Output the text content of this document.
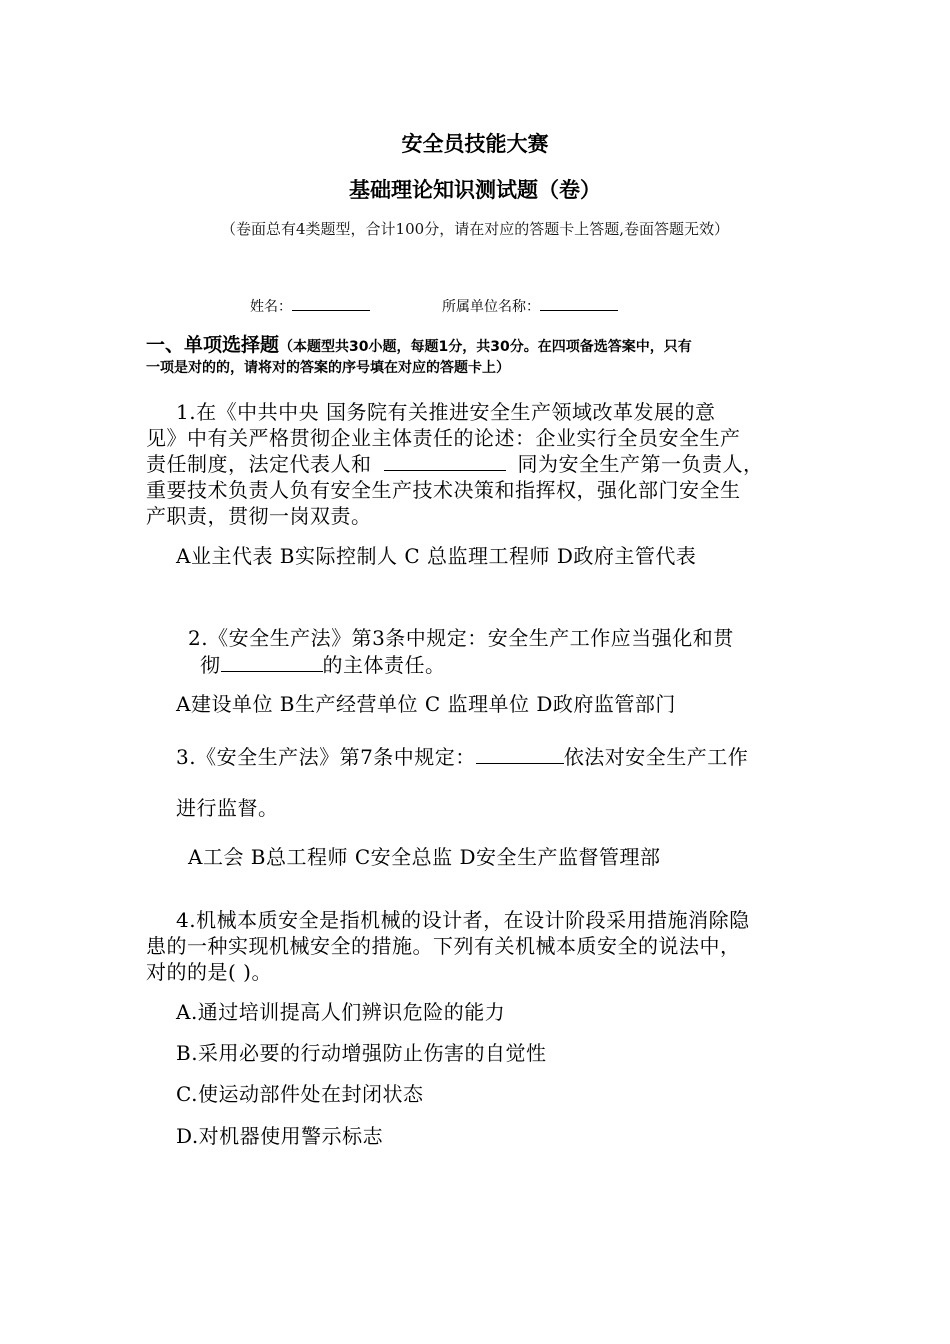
安全员技能大赛
基础理论知识测试题（卷）
（卷面总有4类题型，合计100分，请在对应的答题卡上答题,卷面答题无效）
姓名：	所属单位名称：
一、单项选择题（本题型共30小题，每题1分，共30分。在四项备选答案中，只有
一项是对的的，请将对的答案的序号填在对应的答题卡上）
1.在《中共中央 国务院有关推进安全生产领域改革发展的意
见》中有关严格贯彻企业主体责任的论述：企业实行全员安全生产
责任制度，法定代表人和	同为安全生产第一负责人，
重要技术负责人负有安全生产技术决策和指挥权，强化部门安全生
产职责，贯彻一岗双责。
A业主代表 B实际控制人 C 总监理工程师 D政府主管代表
2.《安全生产法》第3条中规定：安全生产工作应当强化和贯
彻	的主体责任。
A建设单位 B生产经营单位 C 监理单位 D政府监管部门
3.《安全生产法》第7条中规定：	依法对安全生产工作
进行监督。
A工会 B总工程师 C安全总监 D安全生产监督管理部
4.机械本质安全是指机械的设计者，在设计阶段采用措施消除隐
患的一种实现机械安全的措施。下列有关机械本质安全的说法中，
对的的是( )。
A.通过培训提高人们辨识危险的能力
B.采用必要的行动增强防止伤害的自觉性
C.使运动部件处在封闭状态
D.对机器使用警示标志
